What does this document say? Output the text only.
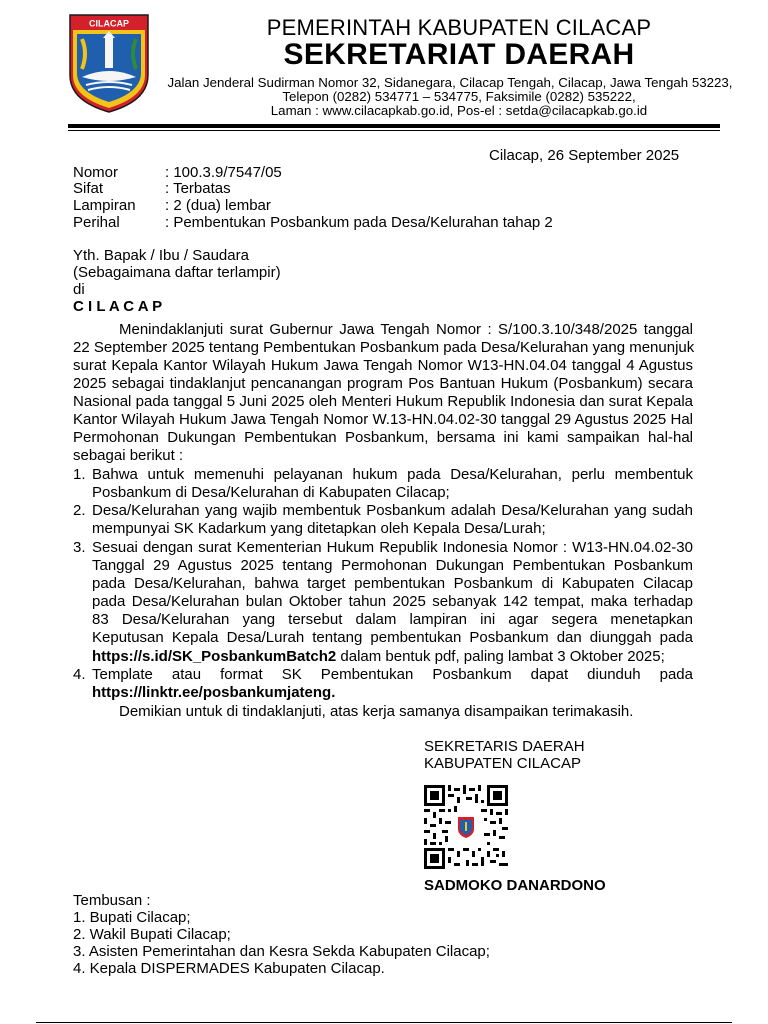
CILACAP	PEMERINTAH KABUPATEN CILACAP
SEKRETARIAT DAERAH
Jalan Jenderal Sudirman Nomor 32, Sidanegara, Cilacap Tengah, Cilacap, Jawa Tengah 53223,
Telepon (0282) 534771 – 534775, Faksimile (0282) 535222,
Laman : www.cilacapkab.go.id, Pos-el : setda@cilacapkab.go.id
Cilacap, 26 September 2025
Nomor	: 100.3.9/7547/05
Sifat	: Terbatas
Lampiran : 2 (dua) lembar
Perihal	: Pembentukan Posbankum pada Desa/Kelurahan tahap 2
Yth. Bapak / Ibu / Saudara
(Sebagaimana daftar terlampir)
di
C I L A C A P
Menindaklanjuti surat Gubernur Jawa Tengah Nomor : S/100.3.10/348/2025 tanggal
22 September 2025 tentang Pembentukan Posbankum pada Desa/Kelurahan yang menunjuk
surat Kepala Kantor Wilayah Hukum Jawa Tengah Nomor W13-HN.04.04 tanggal 4 Agustus
2025 sebagai tindaklanjut pencanangan program Pos Bantuan Hukum (Posbankum) secara
Nasional pada tanggal 5 Juni 2025 oleh Menteri Hukum Republik Indonesia dan surat Kepala
Kantor Wilayah Hukum Jawa Tengah Nomor W.13-HN.04.02-30 tanggal 29 Agustus 2025 Hal
Permohonan Dukungan Pembentukan Posbankum, bersama ini kami sampaikan hal-hal
sebagai berikut :
1. Bahwa untuk memenuhi pelayanan hukum pada Desa/Kelurahan, perlu membentuk
Posbankum di Desa/Kelurahan di Kabupaten Cilacap;
2. Desa/Kelurahan yang wajib membentuk Posbankum adalah Desa/Kelurahan yang sudah
mempunyai SK Kadarkum yang ditetapkan oleh Kepala Desa/Lurah;
3. Sesuai dengan surat Kementerian Hukum Republik Indonesia Nomor : W13-HN.04.02-30
Tanggal 29 Agustus 2025 tentang Permohonan Dukungan Pembentukan Posbankum
pada Desa/Kelurahan, bahwa target pembentukan Posbankum di Kabupaten Cilacap
pada Desa/Kelurahan bulan Oktober tahun 2025 sebanyak 142 tempat, maka terhadap
83 Desa/Kelurahan yang tersebut dalam lampiran ini agar segera menetapkan
Keputusan Kepala Desa/Lurah tentang pembentukan Posbankum dan diunggah pada
https://s.id/SK_PosbankumBatch2 dalam bentuk pdf, paling lambat 3 Oktober 2025;
4. Template atau format SK Pembentukan Posbankum dapat diunduh pada
https://linktr.ee/posbankumjateng.
Demikian untuk di tindaklanjuti, atas kerja samanya disampaikan terimakasih.
SEKRETARIS DAERAH
KABUPATEN CILACAP
SADMOKO DANARDONO
Tembusan :
1. Bupati Cilacap;
2. Wakil Bupati Cilacap;
3. Asisten Pemerintahan dan Kesra Sekda Kabupaten Cilacap;
4. Kepala DISPERMADES Kabupaten Cilacap.
